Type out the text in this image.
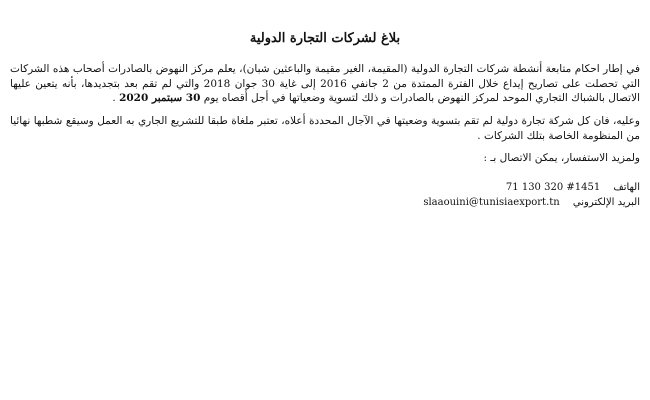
بلاغ لشركات التجارة الدولية

في إطار احكام متابعة أنشطة شركات التجارة الدولية (المقيمة، الغير مقيمة والباعثين شبان)، يعلم مركز النهوض بالصادرات أصحاب هذه الشركات التي تحصلت على تصاريح إيداع خلال الفترة الممتدة من 2 جانفي 2016 إلى غاية 30 جوان 2018 والتي لم تقم بعد بتجديدها، بأنه يتعين عليها الاتصال بالشباك التجاري الموحد لمركز النهوض بالصادرات و ذلك لتسوية وضعياتها في أجل أقصاه يوم 30 سبتمبر 2020 .

وعليه، فان كل شركة تجارة دولية لم تقم بتسوية وضعيتها في الآجال المحددة أعلاه، تعتبر ملغاة طبقا للتشريع الجاري به العمل وسيقع شطبها نهائيا من المنظومة الخاصة بتلك الشركات .

ولمزيد الاستفسار، يمكن الاتصال بـ :

الهاتف 71 130 320 #1451
البريد الإلكتروني slaaouini@tunisiaexport.tn
